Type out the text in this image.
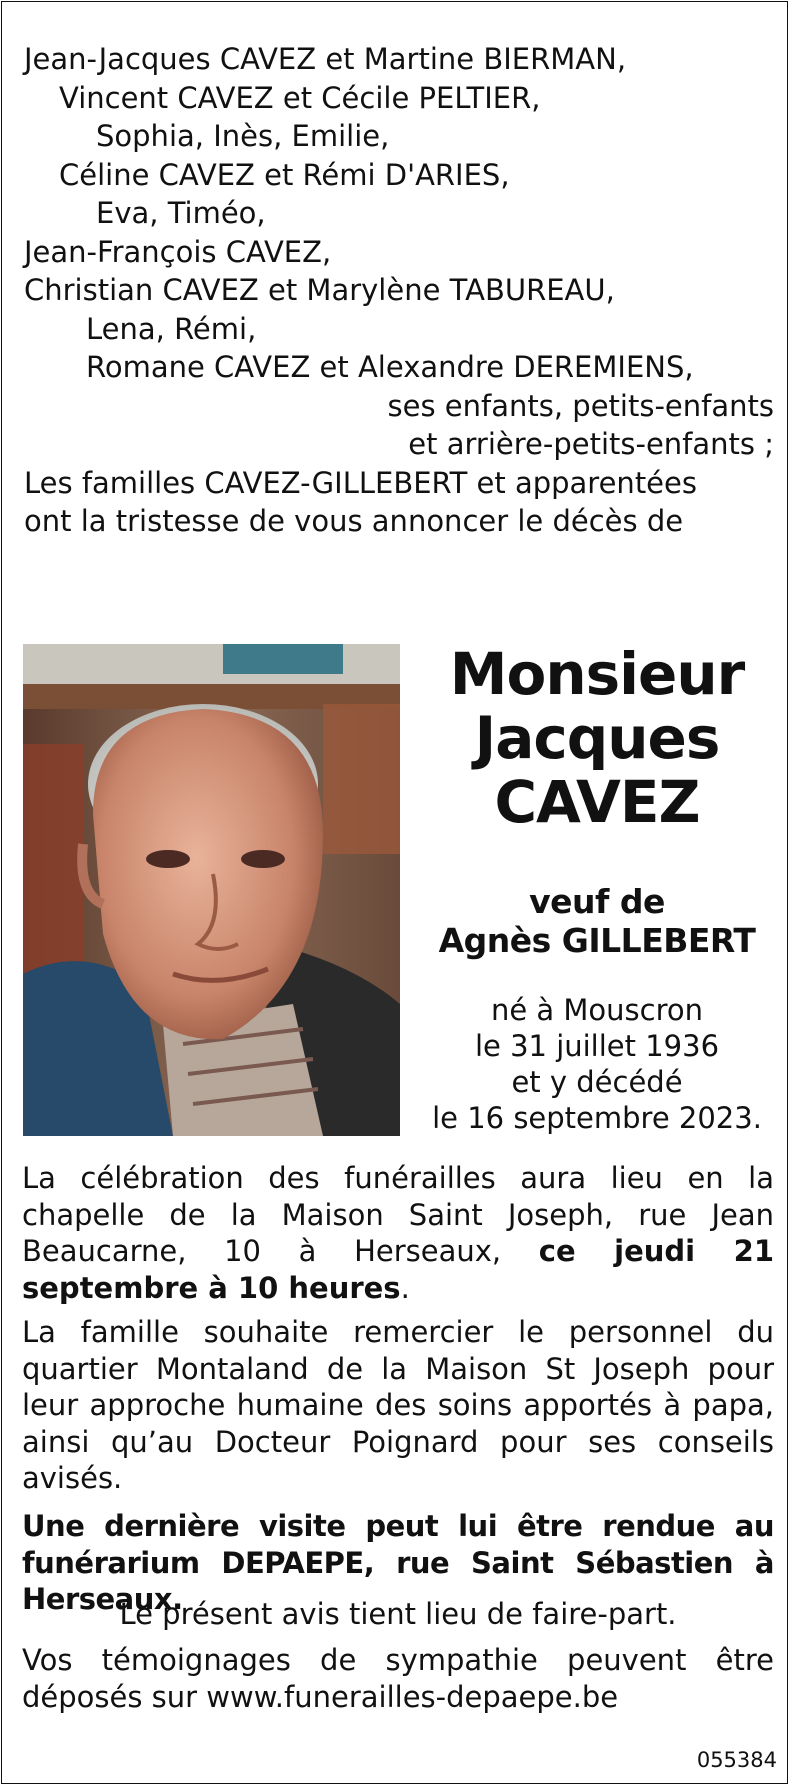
Jean-Jacques CAVEZ et Martine BIERMAN,
Vincent CAVEZ et Cécile PELTIER,
Sophia, Inès, Emilie,
Céline CAVEZ et Rémi D'ARIES,
Eva, Timéo,
Jean-François CAVEZ,
Christian CAVEZ et Marylène TABUREAU,
Lena, Rémi,
Romane CAVEZ et Alexandre DEREMIENS,
ses enfants, petits-enfants
et arrière-petits-enfants ;
Les familles CAVEZ-GILLEBERT et apparentées
ont la tristesse de vous annoncer le décès de
Monsieur
Jacques
CAVEZ
veuf de
Agnès GILLEBERT
né à Mouscron
le 31 juillet 1936
et y décédé
le 16 septembre 2023.
La célébration des funérailles aura lieu en la chapelle de la Maison Saint Joseph, rue Jean Beaucarne, 10 à Herseaux, ce jeudi 21 septembre à 10 heures.
La famille souhaite remercier le personnel du quartier Montaland de la Maison St Joseph pour leur approche humaine des soins apportés à papa, ainsi qu’au Docteur Poignard pour ses conseils avisés.
Une dernière visite peut lui être rendue au funérarium DEPAEPE, rue Saint Sébastien à Herseaux.
Le présent avis tient lieu de faire-part.
Vos témoignages de sympathie peuvent être déposés sur www.funerailles-depaepe.be
055384
